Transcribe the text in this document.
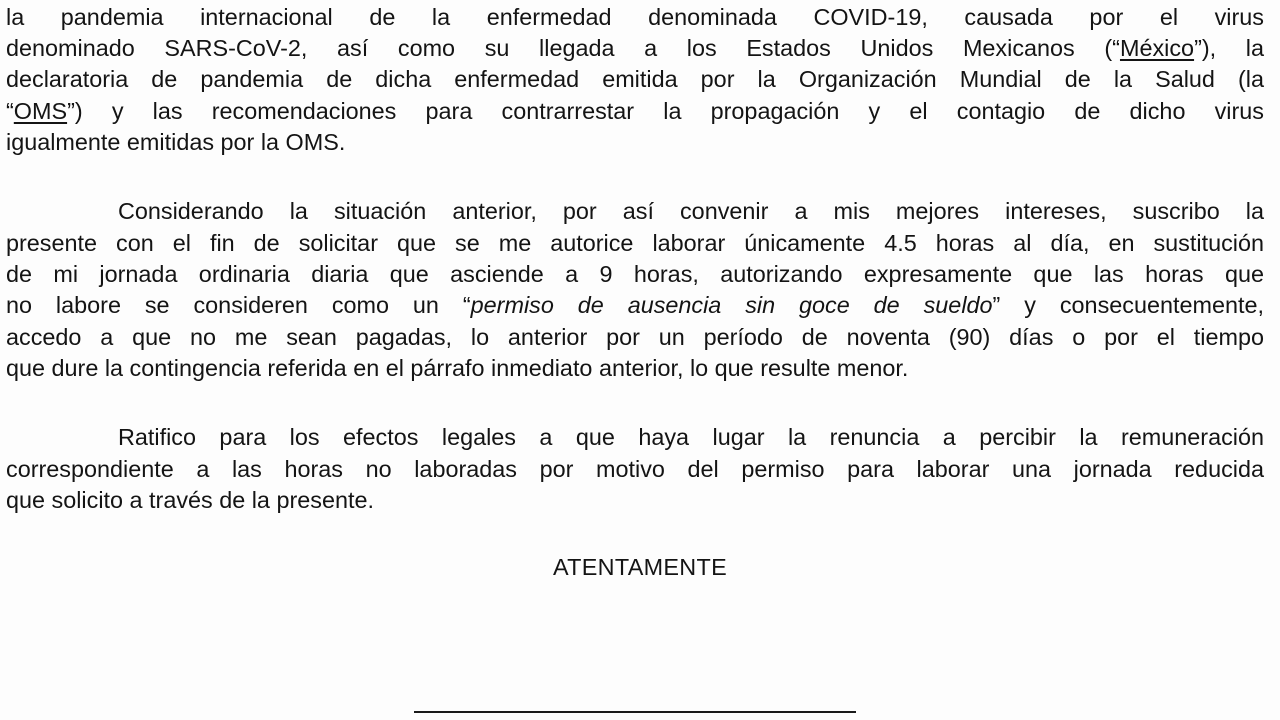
la pandemia internacional de la enfermedad denominada COVID-19, causada por el virus
denominado SARS-CoV-2, así como su llegada a los Estados Unidos Mexicanos (“México”), la
declaratoria de pandemia de dicha enfermedad emitida por la Organización Mundial de la Salud (la
“OMS”) y las recomendaciones para contrarrestar la propagación y el contagio de dicho virus
igualmente emitidas por la OMS.
Considerando la situación anterior, por así convenir a mis mejores intereses, suscribo la
presente con el fin de solicitar que se me autorice laborar únicamente 4.5 horas al día, en sustitución
de mi jornada ordinaria diaria que asciende a 9 horas, autorizando expresamente que las horas que
no labore se consideren como un “permiso de ausencia sin goce de sueldo” y consecuentemente,
accedo a que no me sean pagadas, lo anterior por un período de noventa (90) días o por el tiempo
que dure la contingencia referida en el párrafo inmediato anterior, lo que resulte menor.
Ratifico para los efectos legales a que haya lugar la renuncia a percibir la remuneración
correspondiente a las horas no laboradas por motivo del permiso para laborar una jornada reducida
que solicito a través de la presente.
ATENTAMENTE
